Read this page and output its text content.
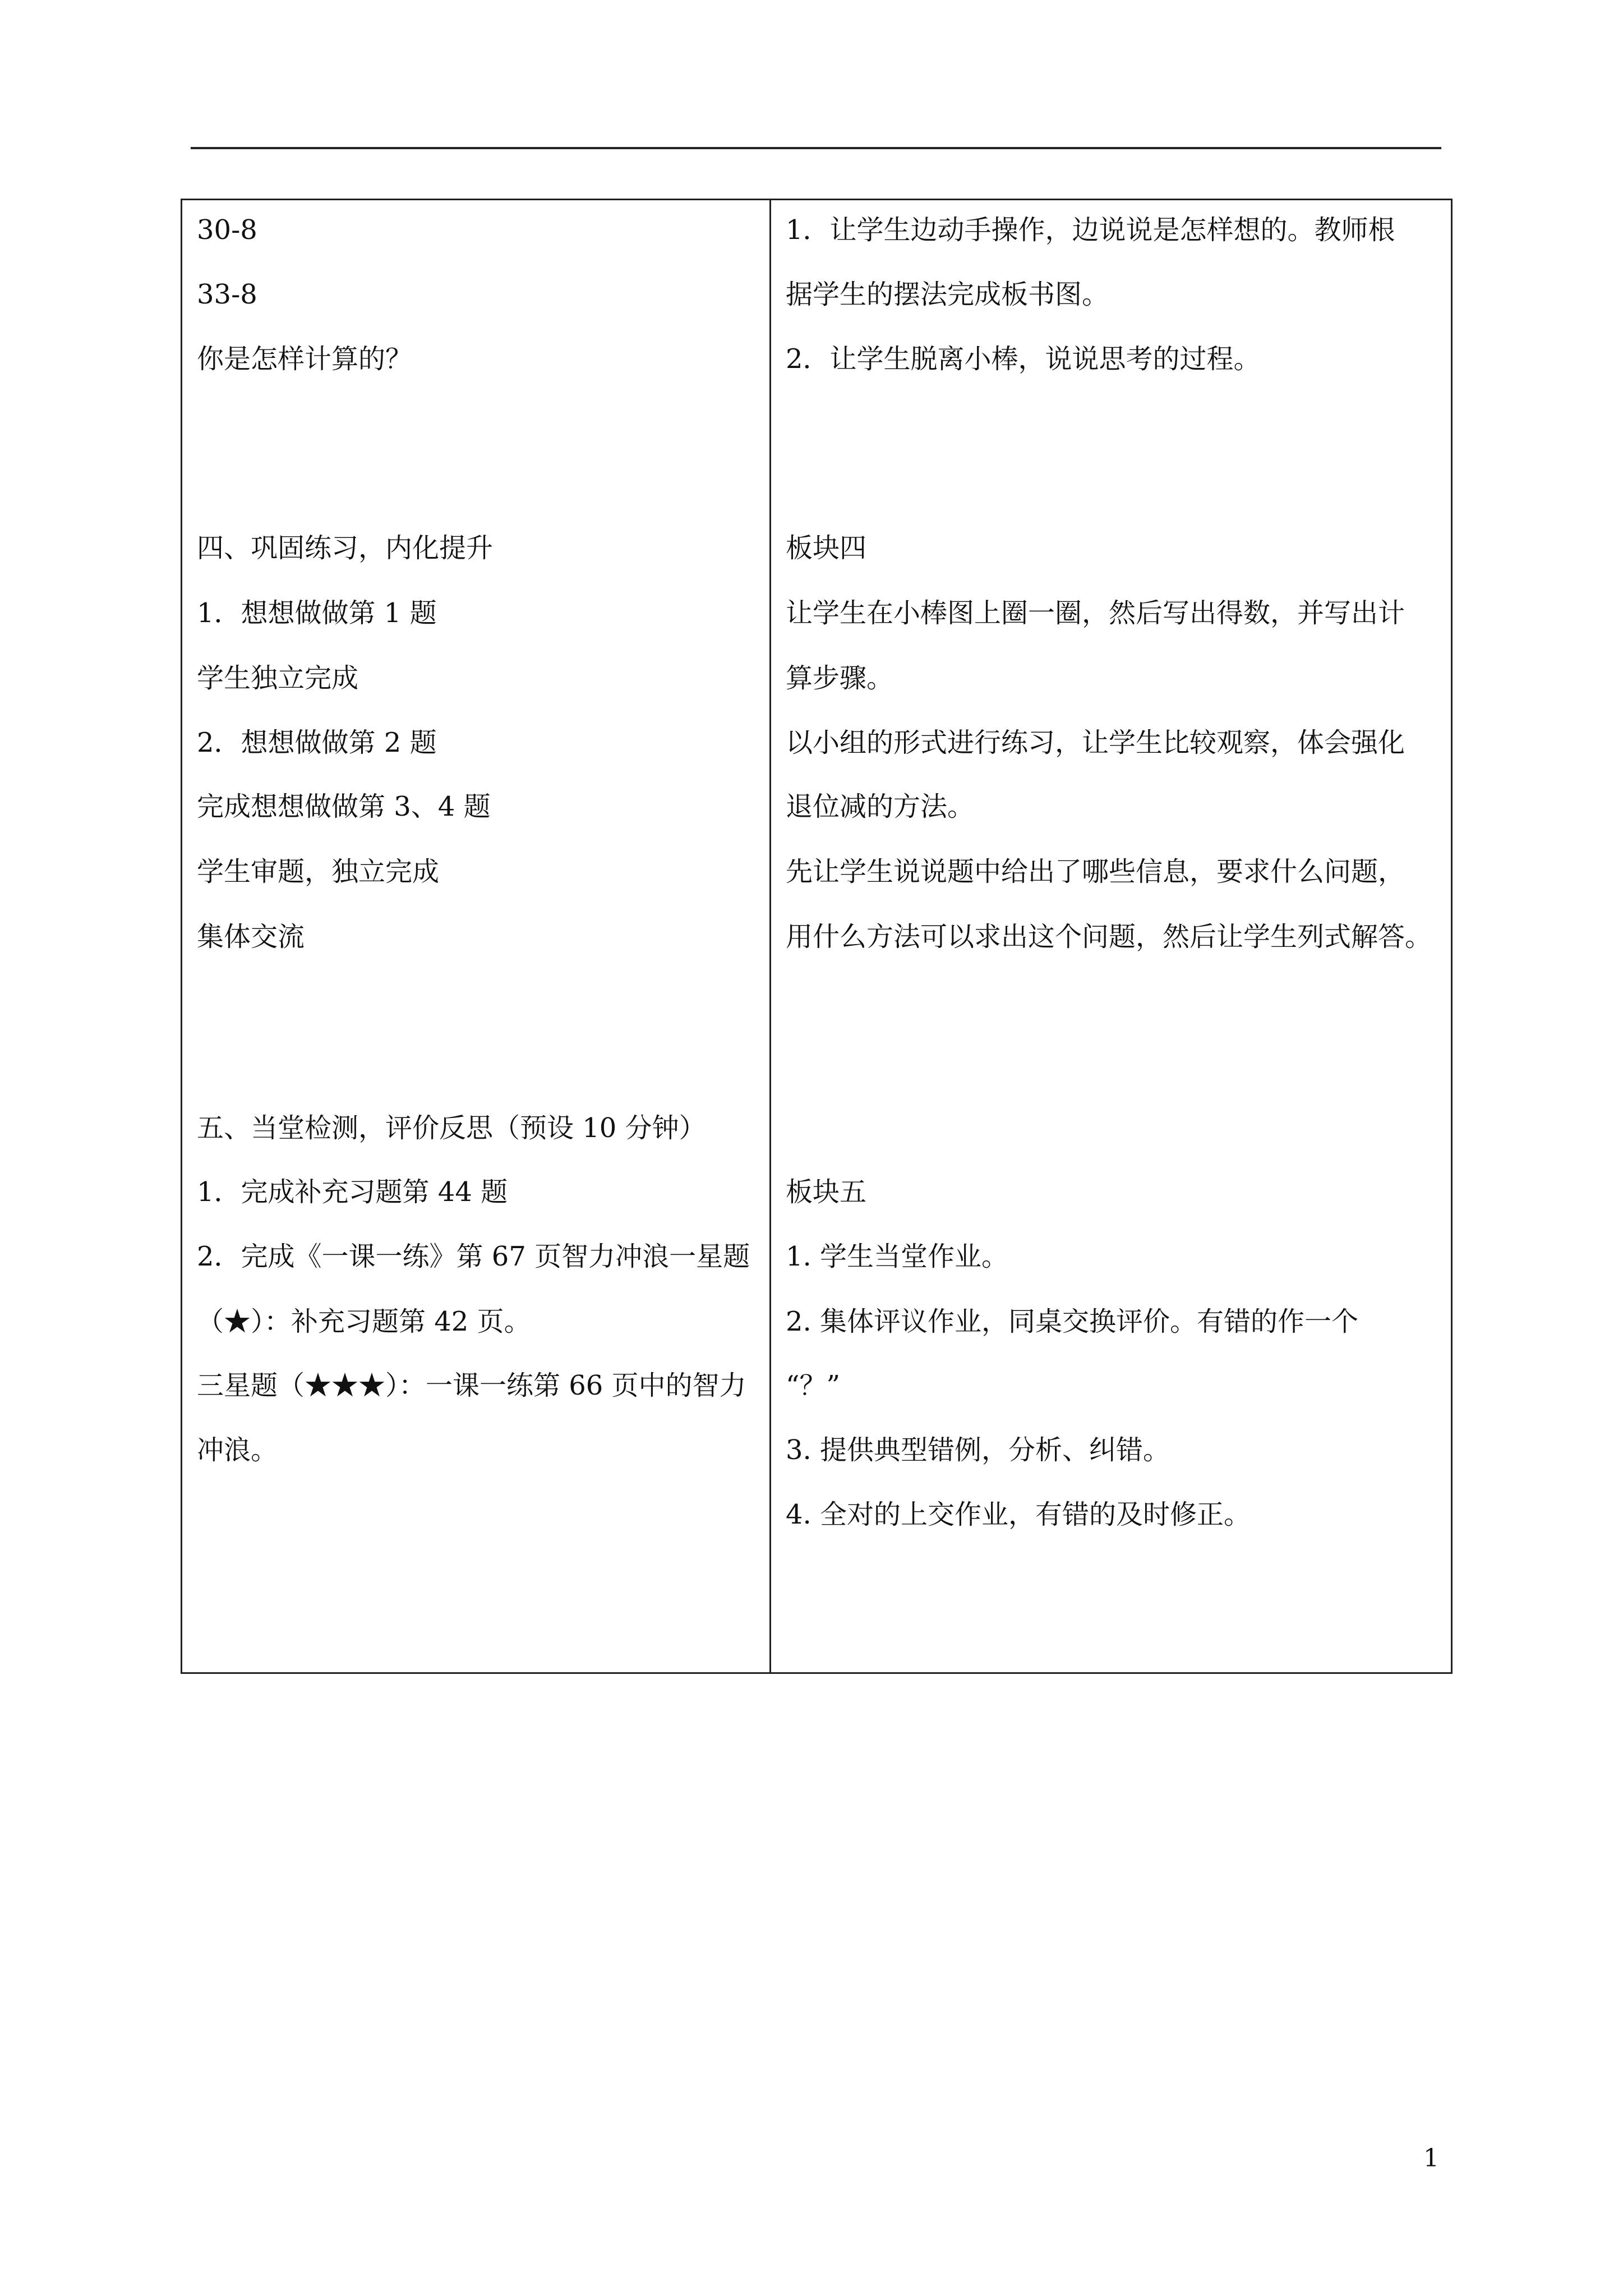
30-8
33-8
你是怎样计算的？
四、巩固练习，内化提升
1．想想做做第 1 题
学生独立完成
2．想想做做第 2 题
完成想想做做第 3、4 题
学生审题，独立完成
集体交流
五、当堂检测，评价反思（预设 10 分钟）
1．完成补充习题第 44 题
2．完成《一课一练》第 67 页智力冲浪一星题
（★）：补充习题第 42 页。
三星题（★★★）：一课一练第 66 页中的智力
冲浪。
1．让学生边动手操作，边说说是怎样想的。教师根
据学生的摆法完成板书图。
2．让学生脱离小棒，说说思考的过程。
板块四
让学生在小棒图上圈一圈，然后写出得数，并写出计
算步骤。
以小组的形式进行练习，让学生比较观察，体会强化
退位减的方法。
先让学生说说题中给出了哪些信息，要求什么问题，
用什么方法可以求出这个问题，然后让学生列式解答。
板块五
1. 学生当堂作业。
2. 集体评议作业，同桌交换评价。有错的作一个
“？”
3. 提供典型错例，分析、纠错。
4. 全对的上交作业，有错的及时修正。
1
